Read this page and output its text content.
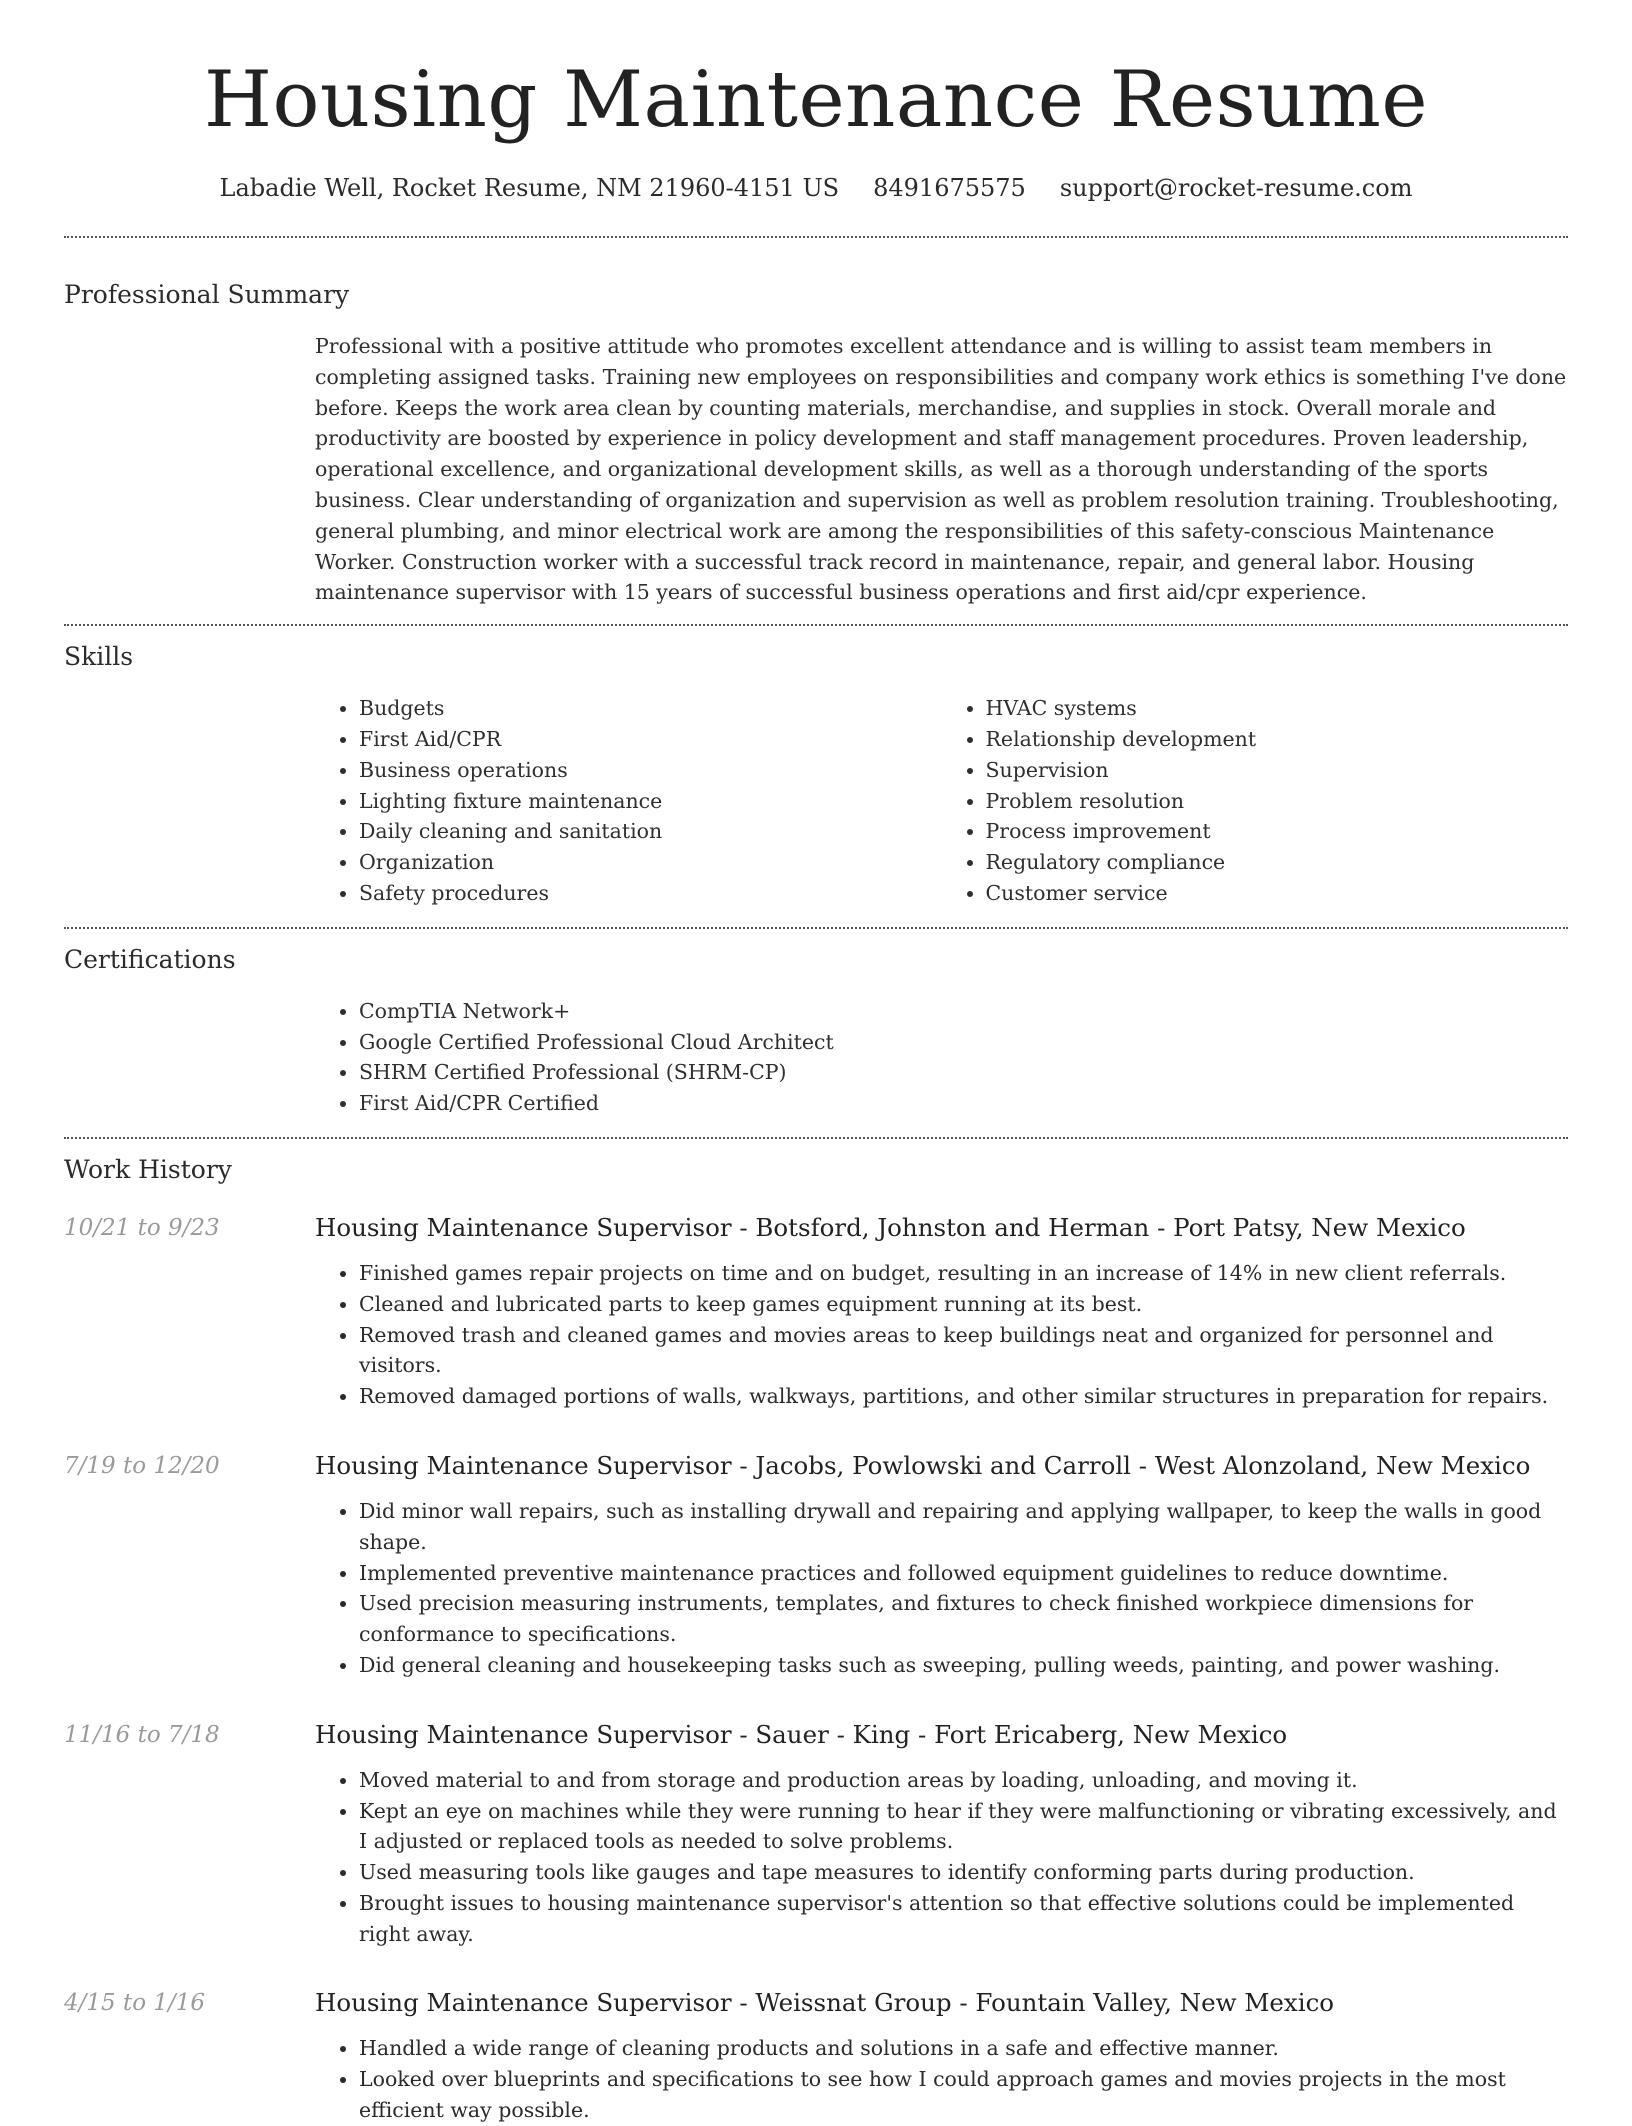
Housing Maintenance Resume
Labadie Well, Rocket Resume, NM 21960-4151 US 8491675575 support@rocket-resume.com
Professional Summary
Professional with a positive attitude who promotes excellent attendance and is willing to assist team members in completing assigned tasks. Training new employees on responsibilities and company work ethics is something I've done before. Keeps the work area clean by counting materials, merchandise, and supplies in stock. Overall morale and productivity are boosted by experience in policy development and staff management procedures. Proven leadership, operational excellence, and organizational development skills, as well as a thorough understanding of the sports business. Clear understanding of organization and supervision as well as problem resolution training. Troubleshooting, general plumbing, and minor electrical work are among the responsibilities of this safety-conscious Maintenance Worker. Construction worker with a successful track record in maintenance, repair, and general labor. Housing maintenance supervisor with 15 years of successful business operations and first aid/cpr experience.
Skills
• Budgets
• First Aid/CPR
• Business operations
• Lighting fixture maintenance
• Daily cleaning and sanitation
• Organization
• Safety procedures
• HVAC systems
• Relationship development
• Supervision
• Problem resolution
• Process improvement
• Regulatory compliance
• Customer service
Certifications
• CompTIA Network+
• Google Certified Professional Cloud Architect
• SHRM Certified Professional (SHRM-CP)
• First Aid/CPR Certified
Work History
10/21 to 9/23	Housing Maintenance Supervisor - Botsford, Johnston and Herman - Port Patsy, New Mexico
• Finished games repair projects on time and on budget, resulting in an increase of 14% in new client referrals.
• Cleaned and lubricated parts to keep games equipment running at its best.
• Removed trash and cleaned games and movies areas to keep buildings neat and organized for personnel and visitors.
• Removed damaged portions of walls, walkways, partitions, and other similar structures in preparation for repairs.
7/19 to 12/20	Housing Maintenance Supervisor - Jacobs, Powlowski and Carroll - West Alonzoland, New Mexico
• Did minor wall repairs, such as installing drywall and repairing and applying wallpaper, to keep the walls in good shape.
• Implemented preventive maintenance practices and followed equipment guidelines to reduce downtime.
• Used precision measuring instruments, templates, and fixtures to check finished workpiece dimensions for conformance to specifications.
• Did general cleaning and housekeeping tasks such as sweeping, pulling weeds, painting, and power washing.
11/16 to 7/18	Housing Maintenance Supervisor - Sauer - King - Fort Ericaberg, New Mexico
• Moved material to and from storage and production areas by loading, unloading, and moving it.
• Kept an eye on machines while they were running to hear if they were malfunctioning or vibrating excessively, and I adjusted or replaced tools as needed to solve problems.
• Used measuring tools like gauges and tape measures to identify conforming parts during production.
• Brought issues to housing maintenance supervisor's attention so that effective solutions could be implemented right away.
4/15 to 1/16	Housing Maintenance Supervisor - Weissnat Group - Fountain Valley, New Mexico
• Handled a wide range of cleaning products and solutions in a safe and effective manner.
• Looked over blueprints and specifications to see how I could approach games and movies projects in the most efficient way possible.
